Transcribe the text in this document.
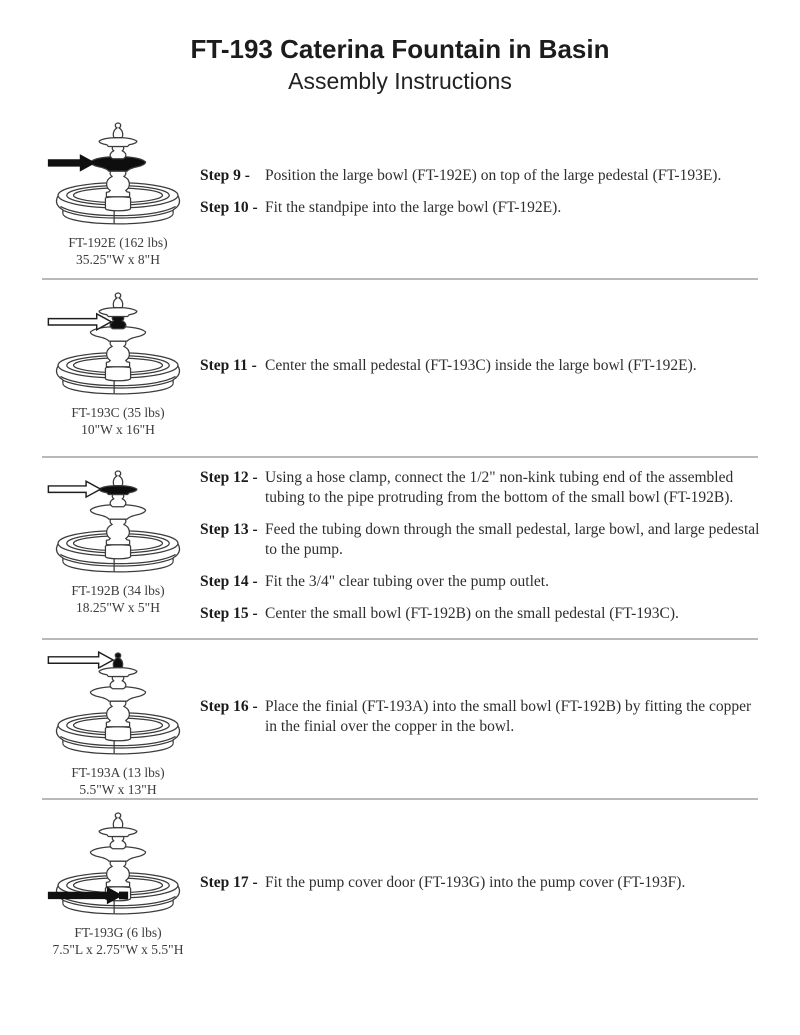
FT-193 Caterina Fountain in Basin
Assembly Instructions
FT-192E (162 lbs)
35.25"W x 8"H
Step 9 - Position the large bowl (FT-192E) on top of the large pedestal (FT-193E).
Step 10 - Fit the standpipe into the large bowl (FT-192E).
FT-193C (35 lbs)
10"W x 16"H
Step 11 - Center the small pedestal (FT-193C) inside the large bowl (FT-192E).
FT-192B (34 lbs)
18.25"W x 5"H
Step 12 - Using a hose clamp, connect the 1/2" non-kink tubing end of the assembled tubing to the pipe protruding from the bottom of the small bowl (FT-192B).
Step 13 - Feed the tubing down through the small pedestal, large bowl, and large pedestal to the pump.
Step 14 - Fit the 3/4" clear tubing over the pump outlet.
Step 15 - Center the small bowl (FT-192B) on the small pedestal (FT-193C).
FT-193A (13 lbs)
5.5"W x 13"H
Step 16 - Place the finial (FT-193A) into the small bowl (FT-192B) by fitting the copper in the finial over the copper in the bowl.
FT-193G (6 lbs)
7.5"L x 2.75"W x 5.5"H
Step 17 - Fit the pump cover door (FT-193G) into the pump cover (FT-193F).
